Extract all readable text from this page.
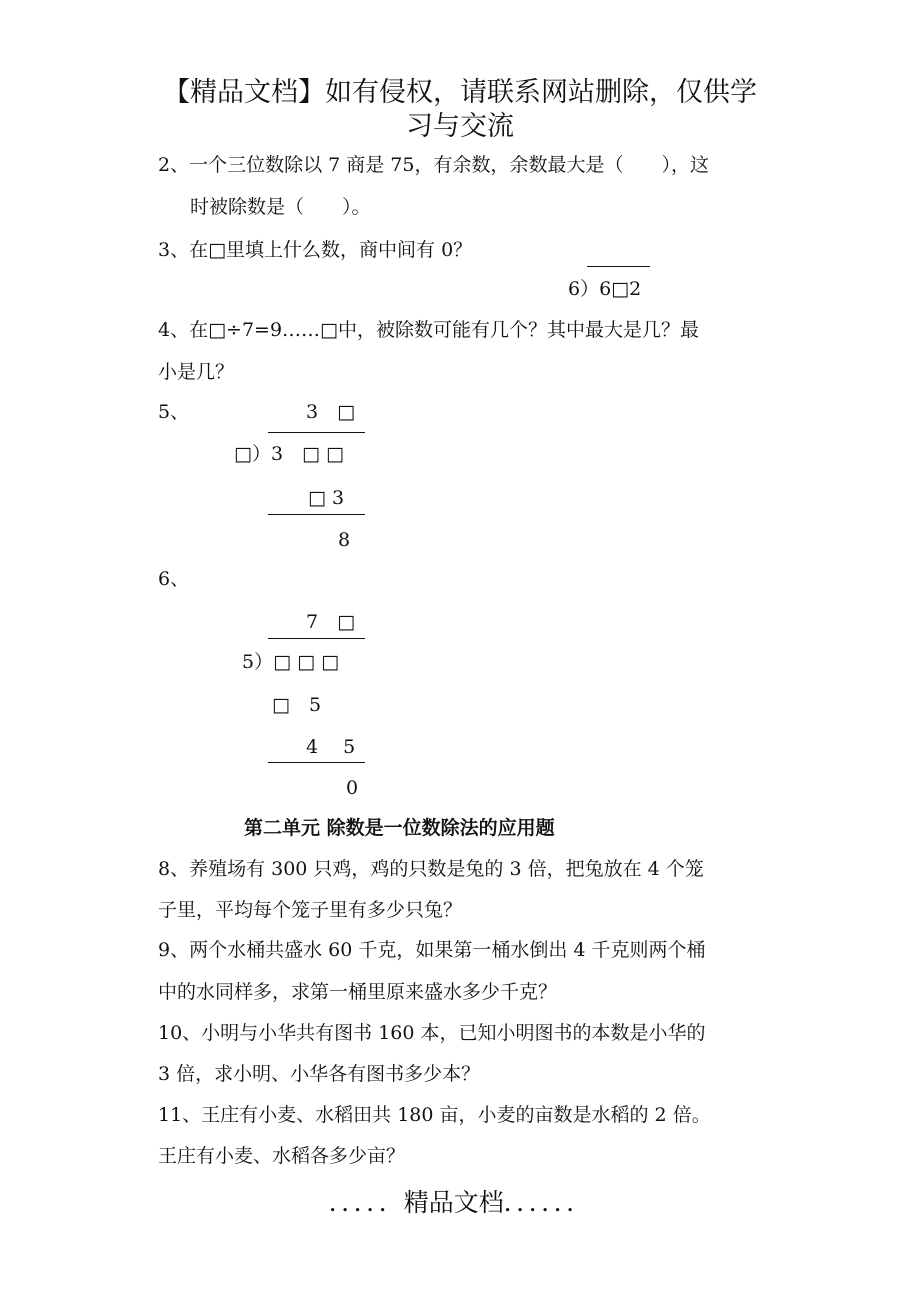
【精品文档】如有侵权，请联系网站删除，仅供学
习与交流
2、一个三位数除以 7 商是 75，有余数，余数最大是（　　），这
时被除数是（　　）。
3、在□里填上什么数，商中间有 0？
6）6□2
4、在□÷7=9……□中，被除数可能有几个？其中最大是几？最
小是几？
5、	3　□
□）3　□ □
□ 3
8
6、
7　□
5）□ □ □
□　5
4　 5
0
第二单元 除数是一位数除法的应用题
8、养殖场有 300 只鸡，鸡的只数是兔的 3 倍，把兔放在 4 个笼
子里，平均每个笼子里有多少只兔？
9、两个水桶共盛水 60 千克，如果第一桶水倒出 4 千克则两个桶
中的水同样多，求第一桶里原来盛水多少千克？
10、小明与小华共有图书 160 本，已知小明图书的本数是小华的
3 倍，求小明、小华各有图书多少本？
11、王庄有小麦、水稻田共 180 亩，小麦的亩数是水稻的 2 倍。
王庄有小麦、水稻各多少亩？
．．．．．精品文档．．．．．．
